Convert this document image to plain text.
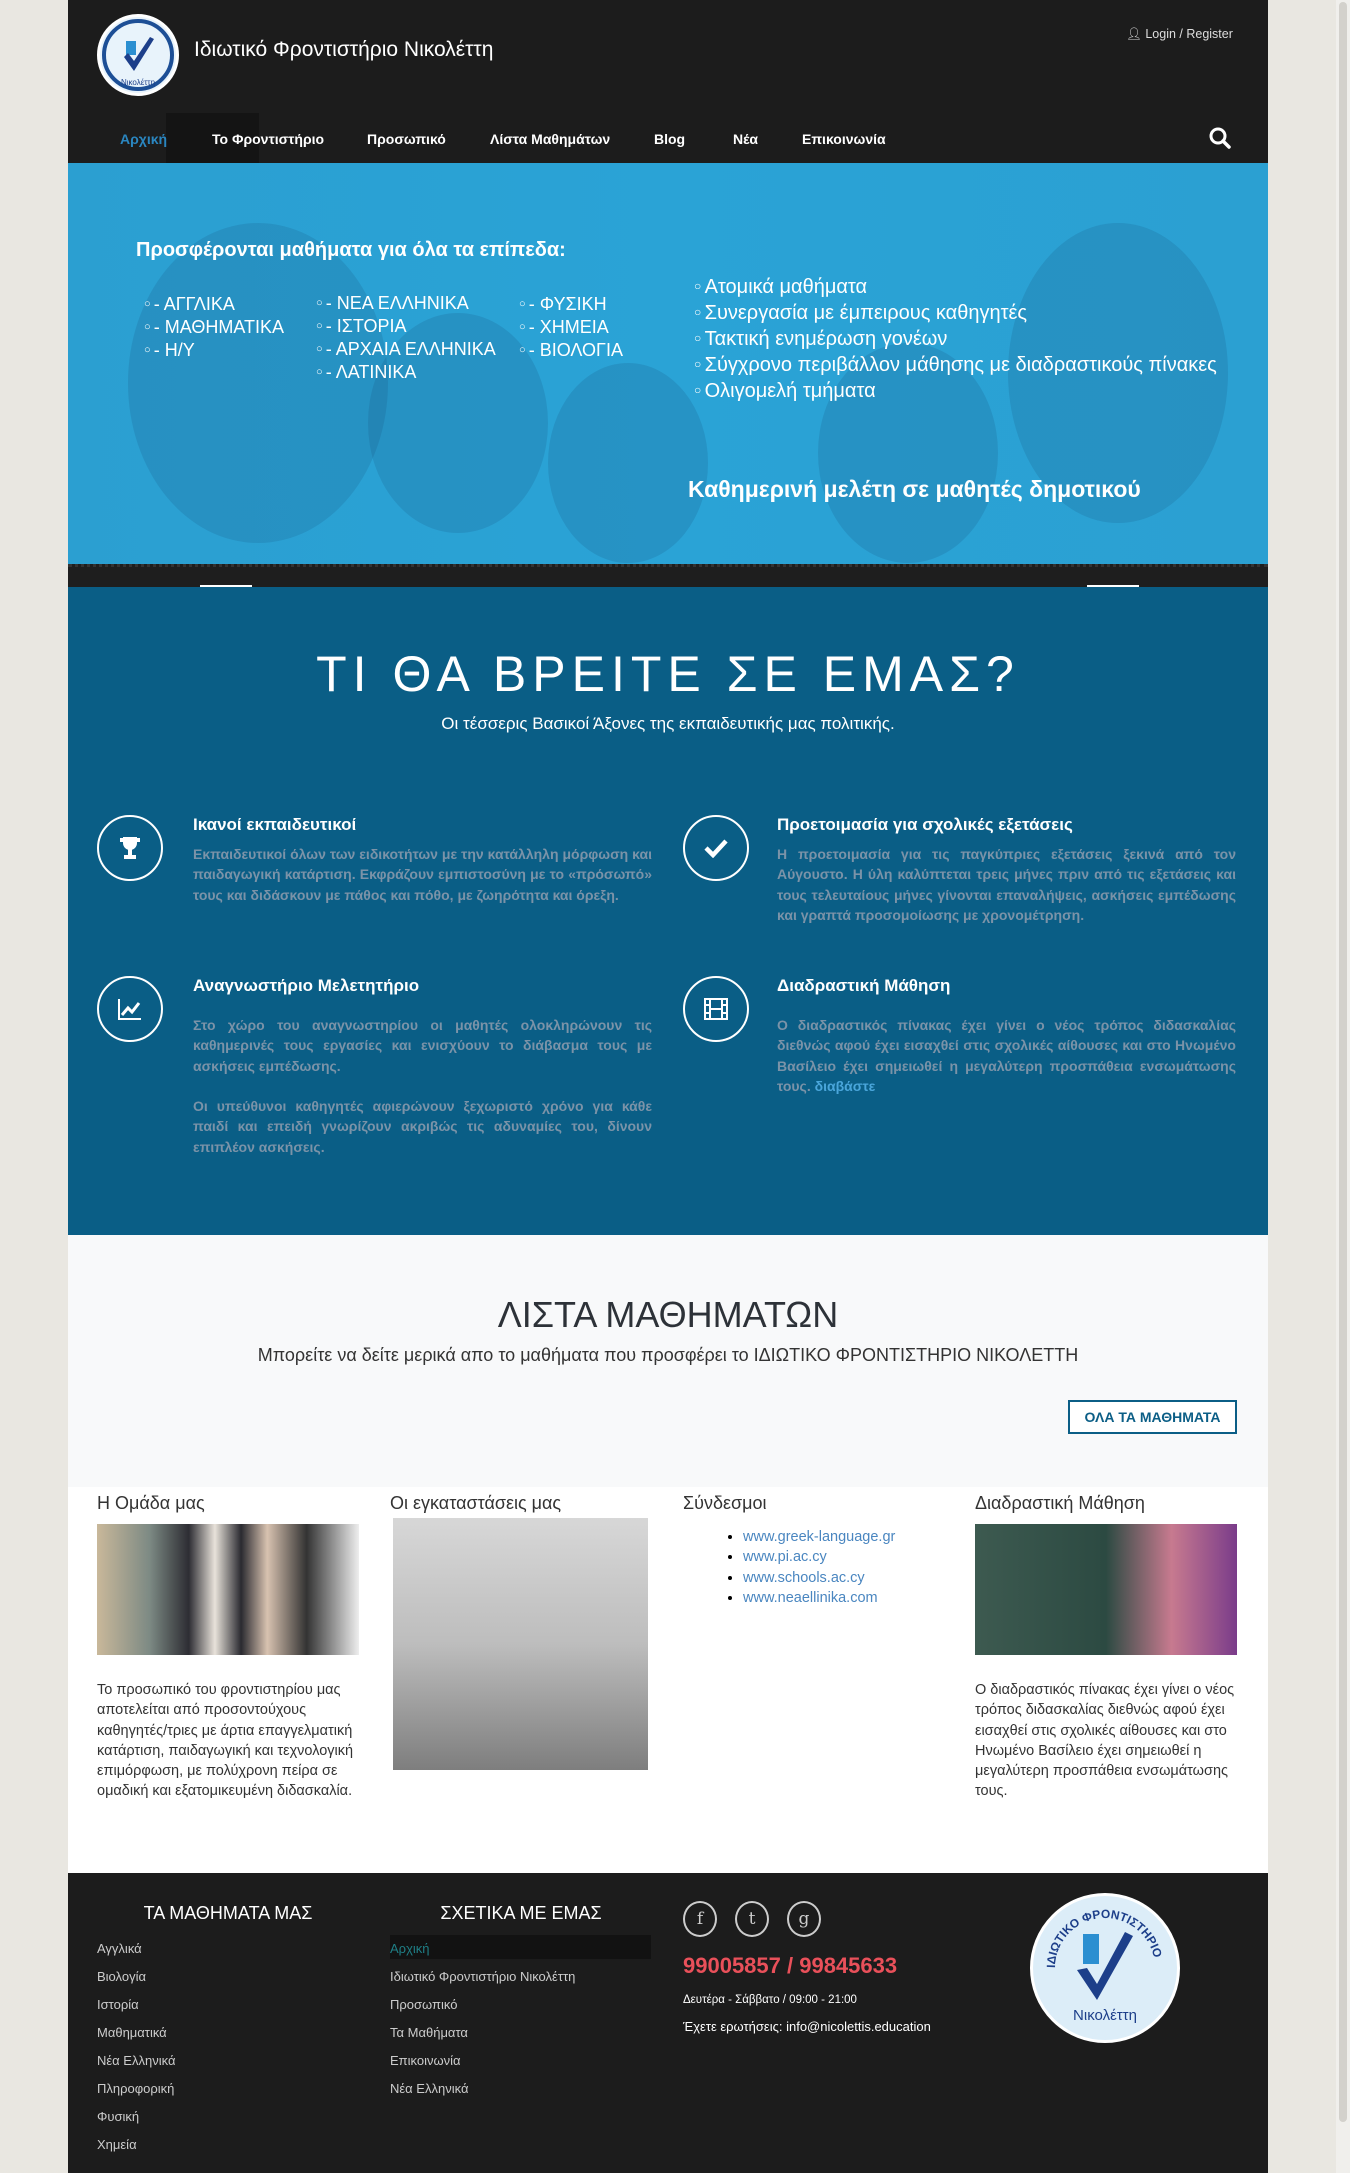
Αρχική	Το Φροντιστήριο	Προσωπικό	Λίστα Μαθημάτων	Blog	Νέα	Επικοινωνία
Ιδιωτικό Φροντιστήριο Νικολέττη
👤︎ Login / Register
Νικολέττη
Προσφέρονται μαθήματα για όλα τα επίπεδα:
○ - ΑΓΓΛΙΚΑ
○ - ΜΑΘΗΜΑΤΙΚΑ
○ - Η/Υ
○ - ΝΕΑ ΕΛΛΗΝΙΚΑ
○ - ΙΣΤΟΡΙΑ
○ - ΑΡΧΑΙΑ ΕΛΛΗΝΙΚΑ
○ - ΛΑΤΙΝΙΚΑ
○ - ΦΥΣΙΚΗ
○ - ΧΗΜΕΙΑ
○ - ΒΙΟΛΟΓΙΑ
○ Ατομικά μαθήματα
○ Συνεργασία με έμπειρους καθηγητές
○ Τακτική ενημέρωση γονέων
○ Σύγχρονο περιβάλλον μάθησης με διαδραστικούς πίνακες
○ Ολιγομελή τμήματα
Καθημερινή μελέτη σε μαθητές δημοτικού
ΤΙ ΘΑ ΒΡΕΙΤΕ ΣΕ ΕΜΑΣ?
Οι τέσσερις Βασικοί Άξονες της εκπαιδευτικής μας πολιτικής.
Ικανοί εκπαιδευτικοί
Εκπαιδευτικοί όλων των ειδικοτήτων με την κατάλληλη μόρφωση και παιδαγωγική κατάρτιση. Εκφράζουν εμπιστοσύνη με το «πρόσωπό» τους και διδάσκουν με πάθος και πόθο, με ζωηρότητα και όρεξη.
Προετοιμασία για σχολικές εξετάσεις
Η προετοιμασία για τις παγκύπριες εξετάσεις ξεκινά από τον Αύγουστο. Η ύλη καλύπτεται τρεις μήνες πριν από τις εξετάσεις και τους τελευταίους μήνες γίνονται επαναλήψεις, ασκήσεις εμπέδωσης και γραπτά προσομοίωσης με χρονομέτρηση.
Αναγνωστήριο Μελετητήριο
Στο χώρο του αναγνωστηρίου οι μαθητές ολοκληρώνουν τις καθημερινές τους εργασίες και ενισχύουν το διάβασμα τους με ασκήσεις εμπέδωσης.
Οι υπεύθυνοι καθηγητές αφιερώνουν ξεχωριστό χρόνο για κάθε παιδί και επειδή γνωρίζουν ακριβώς τις αδυναμίες του, δίνουν επιπλέον ασκήσεις.
Διαδραστική Μάθηση
Ο διαδραστικός πίνακας έχει γίνει ο νέος τρόπος διδασκαλίας διεθνώς αφού έχει εισαχθεί στις σχολικές αίθουσες και στο Ηνωμένο Βασίλειο έχει σημειωθεί η μεγαλύτερη προσπάθεια ενσωμάτωσης τους. διαβάστε
ΛΙΣΤΑ ΜΑΘΗΜΑΤΩΝ
Μπορείτε να δείτε μερικά απο το μαθήματα που προσφέρει το ΙΔΙΩΤΙΚΟ ΦΡΟΝΤΙΣΤΗΡΙΟ ΝΙΚΟΛΕΤΤΗ
ΟΛΑ ΤΑ ΜΑΘΗΜΑΤΑ
Η Ομάδα μας
Το προσωπικό του φροντιστηρίου μας αποτελείται από προσοντούχους καθηγητές/τριες με άρτια επαγγελματική κατάρτιση, παιδαγωγική και τεχνολογική επιμόρφωση, με πολύχρονη πείρα σε ομαδική και εξατομικευμένη διδασκαλία.
Οι εγκαταστάσεις μας	Σύνδεσμοι
• www.greek-language.gr
• www.pi.ac.cy
• www.schools.ac.cy
• www.neaellinika.com
Διαδραστική Μάθηση
Ο διαδραστικός πίνακας έχει γίνει ο νέος τρόπος διδασκαλίας διεθνώς αφού έχει εισαχθεί στις σχολικές αίθουσες και στο Ηνωμένο Βασίλειο έχει σημειωθεί η μεγαλύτερη προσπάθεια ενσωμάτωσης τους.
ΤΑ ΜΑΘΗΜΑΤΑ ΜΑΣ
Αγγλικά
Βιολογία
Ιστορία
Μαθηματικά
Νέα Ελληνικά
Πληροφορική
Φυσική
Χημεία
ΣΧΕΤΙΚΑ ΜΕ ΕΜΑΣ
Αρχική
Ιδιωτικό Φροντιστήριο Νικολέττη
Προσωπικό
Τα Μαθήματα
Επικοινωνία
Νέα Ελληνικά
f	t	g
99005857 / 99845633
Δευτέρα - Σάββατο / 09:00 - 21:00
Έχετε ερωτήσεις: info@nicolettis.education
Νικολέττη
ΙΔΙΩΤΙΚΟ ΦΡΟΝΤΙΣΤΗΡΙΟ
